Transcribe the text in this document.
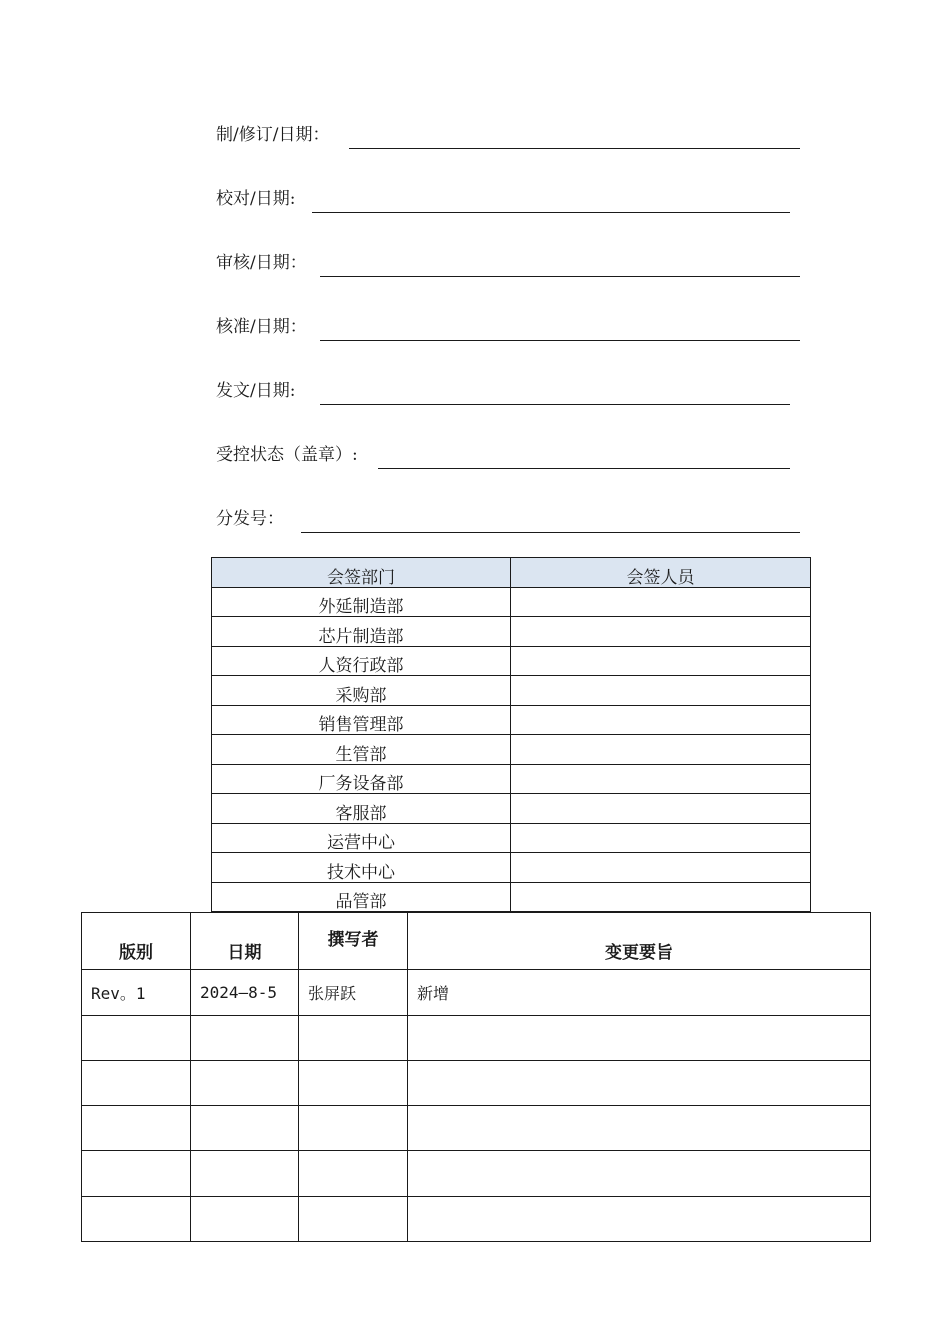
制/修订/日期：
校对/日期:
审核/日期：
核准/日期：
发文/日期:
受控状态（盖章）:
分发号：
会签部门	会签人员
外延制造部	
芯片制造部	
人资行政部	
采购部	
销售管理部	
生管部	
厂务设备部	
客服部	
运营中心	
技术中心	
品管部	
版别	日期	撰写者	变更要旨
Rev。1	2024—8-5	张屏跃	新增
